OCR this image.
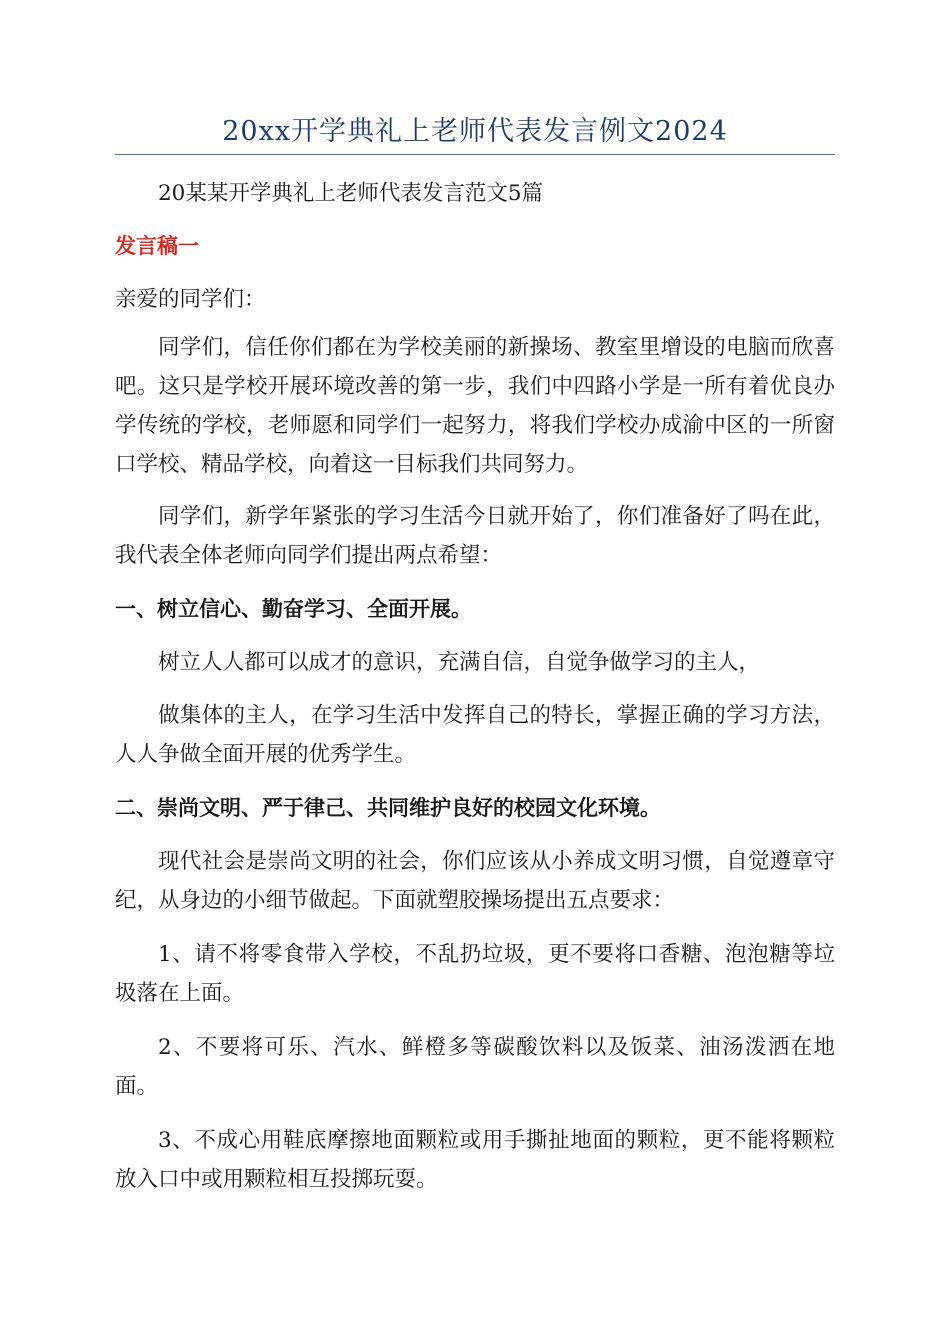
20xx开学典礼上老师代表发言例文2024

20某某开学典礼上老师代表发言范文5篇

发言稿一

亲爱的同学们：

同学们，信任你们都在为学校美丽的新操场、教室里增设的电脑而欣喜吧。这只是学校开展环境改善的第一步，我们中四路小学是一所有着优良办学传统的学校，老师愿和同学们一起努力，将我们学校办成渝中区的一所窗口学校、精品学校，向着这一目标我们共同努力。

同学们，新学年紧张的学习生活今日就开始了，你们准备好了吗在此，我代表全体老师向同学们提出两点希望：

一、树立信心、勤奋学习、全面开展。

树立人人都可以成才的意识，充满自信，自觉争做学习的主人，

做集体的主人，在学习生活中发挥自己的特长，掌握正确的学习方法，人人争做全面开展的优秀学生。

二、崇尚文明、严于律己、共同维护良好的校园文化环境。

现代社会是崇尚文明的社会，你们应该从小养成文明习惯，自觉遵章守纪，从身边的小细节做起。下面就塑胶操场提出五点要求：

1、请不将零食带入学校，不乱扔垃圾，更不要将口香糖、泡泡糖等垃圾落在上面。

2、不要将可乐、汽水、鲜橙多等碳酸饮料以及饭菜、油汤泼洒在地面。

3、不成心用鞋底摩擦地面颗粒或用手撕扯地面的颗粒，更不能将颗粒放入口中或用颗粒相互投掷玩耍。
